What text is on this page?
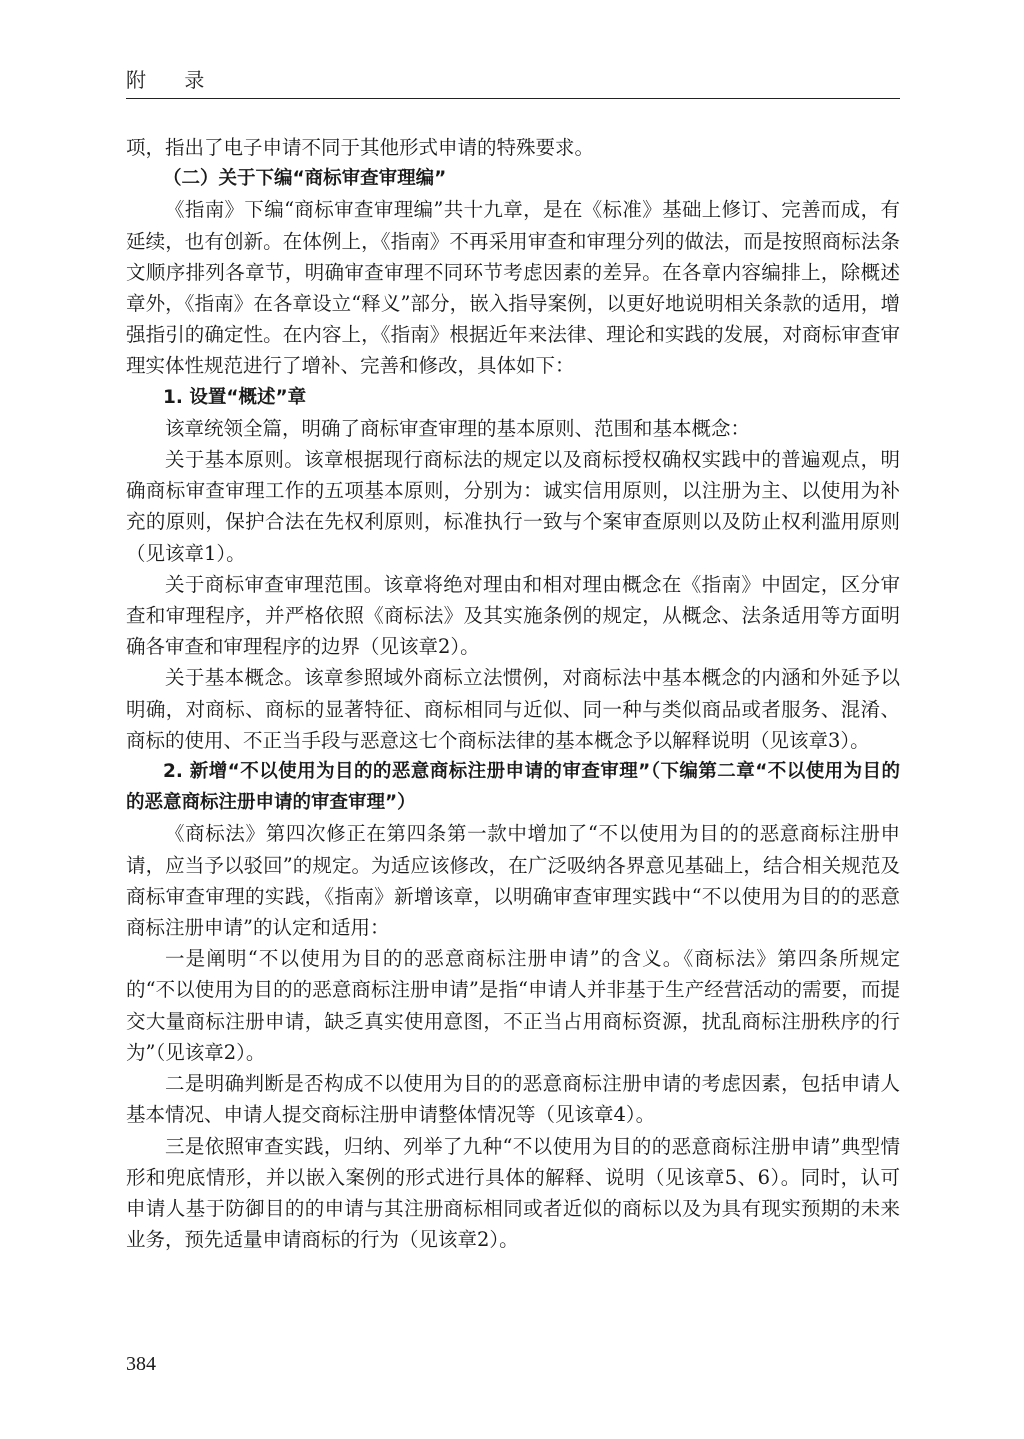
附 录

项，指出了电子申请不同于其他形式申请的特殊要求。

（二）关于下编“商标审查审理编”

《指南》下编“商标审查审理编”共十九章，是在《标准》基础上修订、完善而成，有延续，也有创新。在体例上，《指南》不再采用审查和审理分列的做法，而是按照商标法条文顺序排列各章节，明确审查审理不同环节考虑因素的差异。在各章内容编排上，除概述章外，《指南》在各章设立“释义”部分，嵌入指导案例，以更好地说明相关条款的适用，增强指引的确定性。在内容上，《指南》根据近年来法律、理论和实践的发展，对商标审查审理实体性规范进行了增补、完善和修改，具体如下：

1. 设置“概述”章

该章统领全篇，明确了商标审查审理的基本原则、范围和基本概念：

关于基本原则。该章根据现行商标法的规定以及商标授权确权实践中的普遍观点，明确商标审查审理工作的五项基本原则，分别为：诚实信用原则，以注册为主、以使用为补充的原则，保护合法在先权利原则，标准执行一致与个案审查原则以及防止权利滥用原则（见该章1）。

关于商标审查审理范围。该章将绝对理由和相对理由概念在《指南》中固定，区分审查和审理程序，并严格依照《商标法》及其实施条例的规定，从概念、法条适用等方面明确各审查和审理程序的边界（见该章2）。

关于基本概念。该章参照域外商标立法惯例，对商标法中基本概念的内涵和外延予以明确，对商标、商标的显著特征、商标相同与近似、同一种与类似商品或者服务、混淆、商标的使用、不正当手段与恶意这七个商标法律的基本概念予以解释说明（见该章3）。

2. 新增“不以使用为目的的恶意商标注册申请的审查审理”（下编第二章“不以使用为目的的恶意商标注册申请的审查审理”）

《商标法》第四次修正在第四条第一款中增加了“不以使用为目的的恶意商标注册申请，应当予以驳回”的规定。为适应该修改，在广泛吸纳各界意见基础上，结合相关规范及商标审查审理的实践，《指南》新增该章，以明确审查审理实践中“不以使用为目的的恶意商标注册申请”的认定和适用：

一是阐明“不以使用为目的的恶意商标注册申请”的含义。《商标法》第四条所规定的“不以使用为目的的恶意商标注册申请”是指“申请人并非基于生产经营活动的需要，而提交大量商标注册申请，缺乏真实使用意图，不正当占用商标资源，扰乱商标注册秩序的行为”（见该章2）。

二是明确判断是否构成不以使用为目的的恶意商标注册申请的考虑因素，包括申请人基本情况、申请人提交商标注册申请整体情况等（见该章4）。

三是依照审查实践，归纳、列举了九种“不以使用为目的的恶意商标注册申请”典型情形和兜底情形，并以嵌入案例的形式进行具体的解释、说明（见该章5、6）。同时，认可申请人基于防御目的的申请与其注册商标相同或者近似的商标以及为具有现实预期的未来业务，预先适量申请商标的行为（见该章2）。

384
